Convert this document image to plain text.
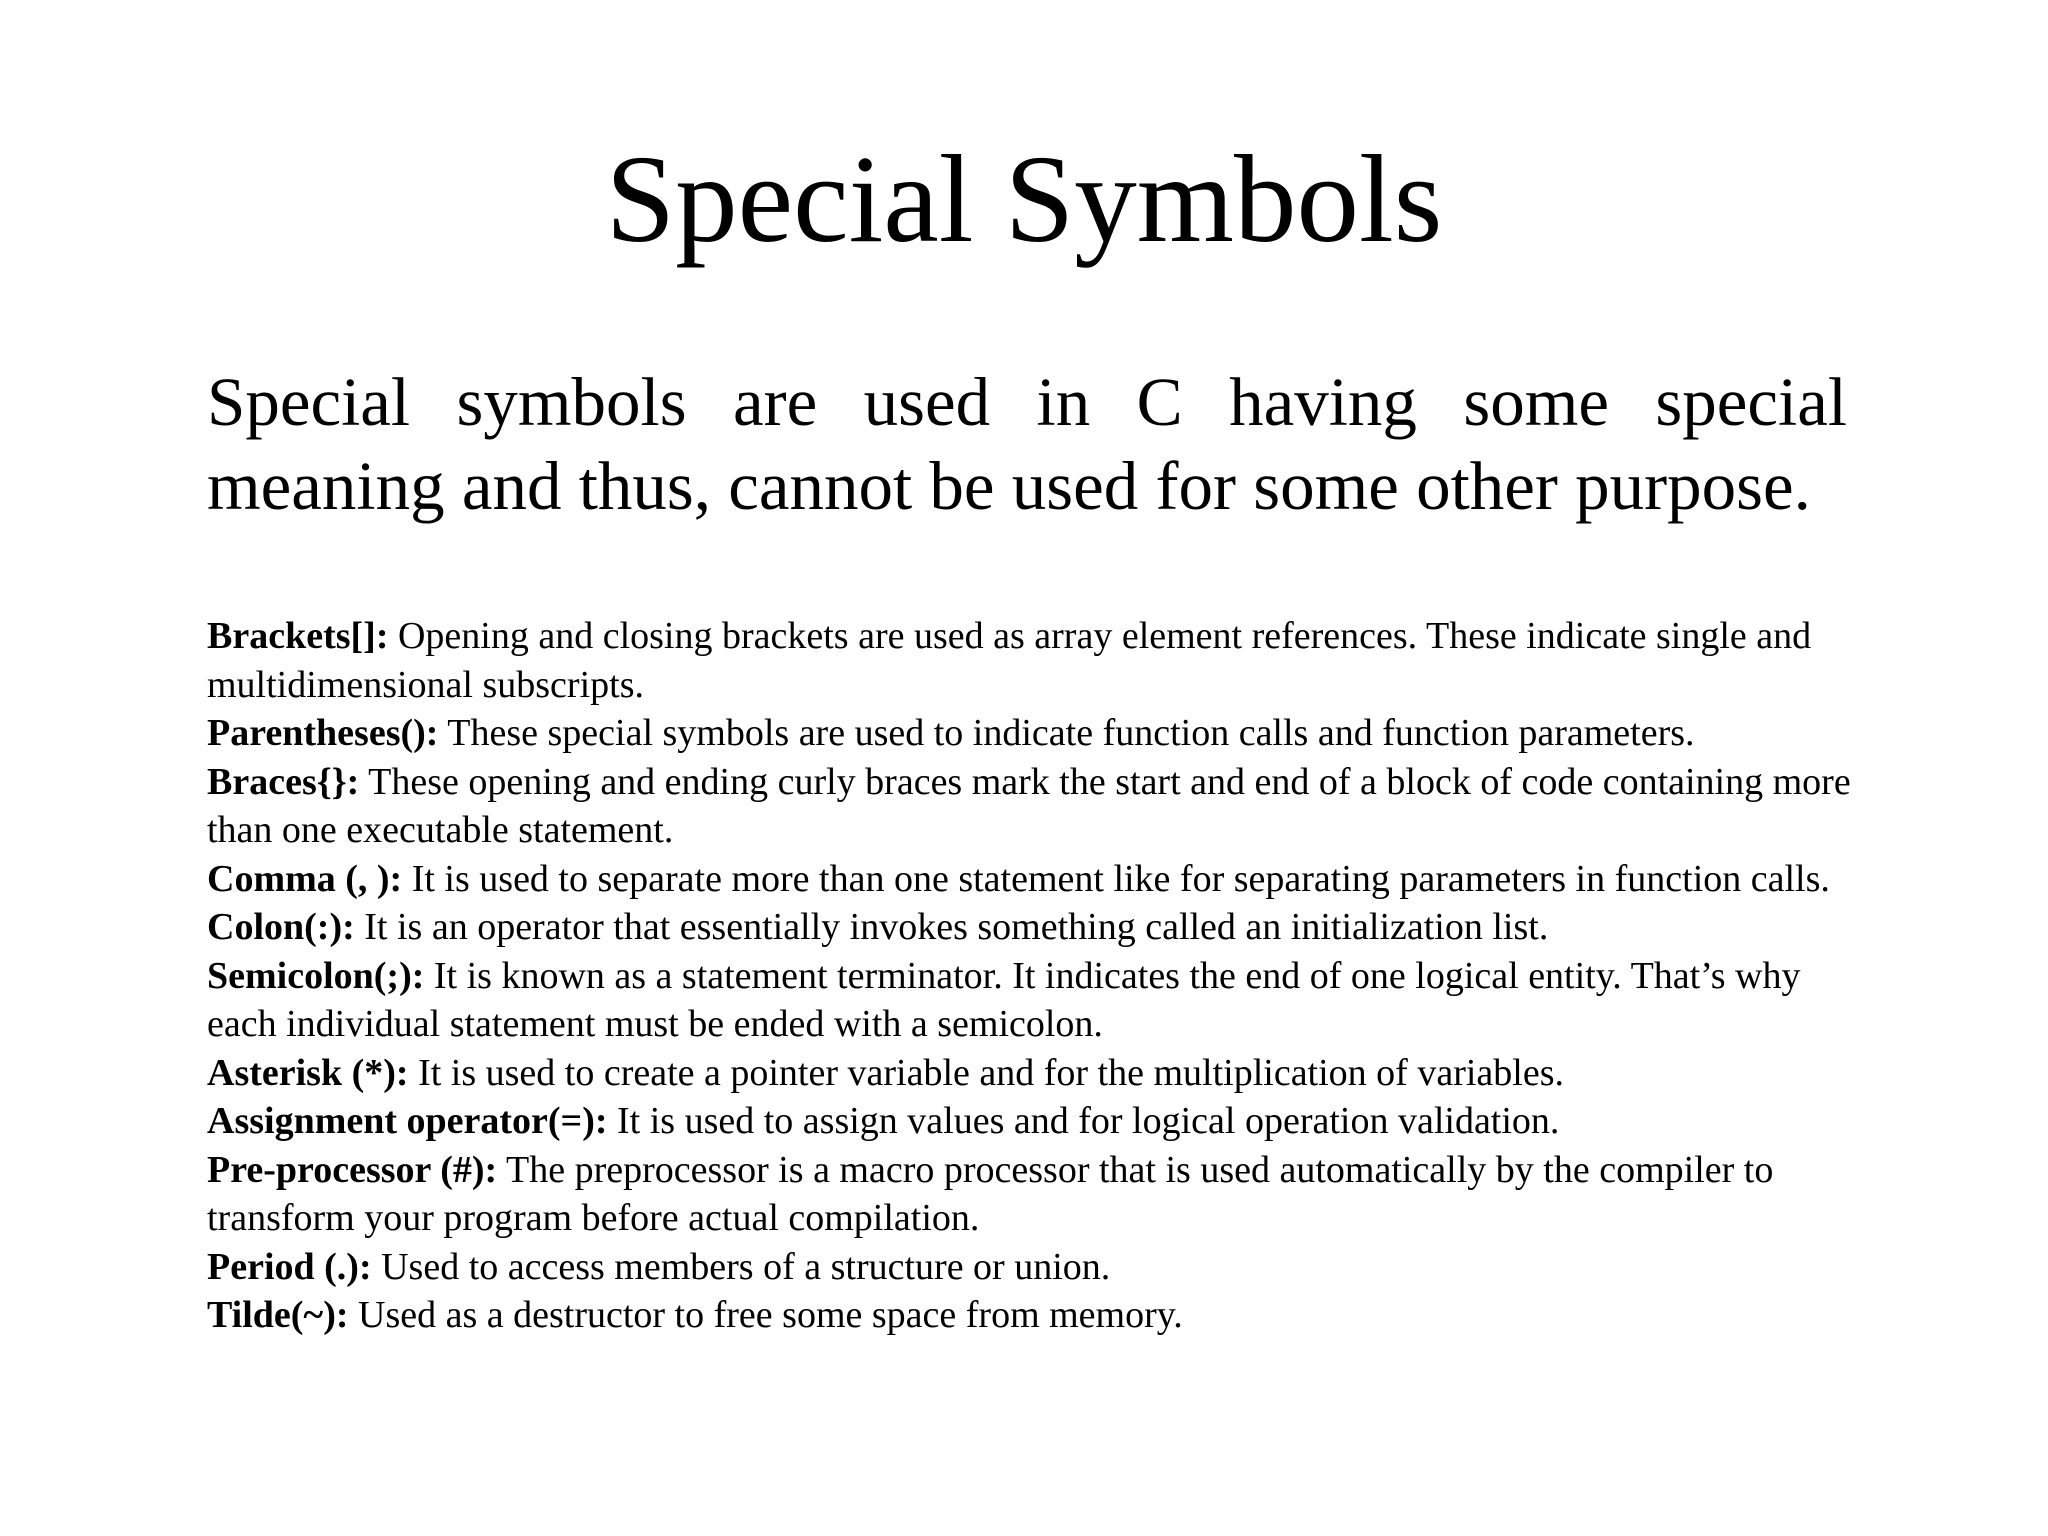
Special Symbols

Special symbols are used in C having some special meaning and thus, cannot be used for some other purpose.

Brackets[]: Opening and closing brackets are used as array element references. These indicate single and multidimensional subscripts.
Parentheses(): These special symbols are used to indicate function calls and function parameters.
Braces{}: These opening and ending curly braces mark the start and end of a block of code containing more than one executable statement.
Comma (, ): It is used to separate more than one statement like for separating parameters in function calls.
Colon(:): It is an operator that essentially invokes something called an initialization list.
Semicolon(;): It is known as a statement terminator. It indicates the end of one logical entity. That’s why each individual statement must be ended with a semicolon.
Asterisk (*): It is used to create a pointer variable and for the multiplication of variables.
Assignment operator(=): It is used to assign values and for logical operation validation.
Pre-processor (#): The preprocessor is a macro processor that is used automatically by the compiler to transform your program before actual compilation.
Period (.): Used to access members of a structure or union.
Tilde(~): Used as a destructor to free some space from memory.
